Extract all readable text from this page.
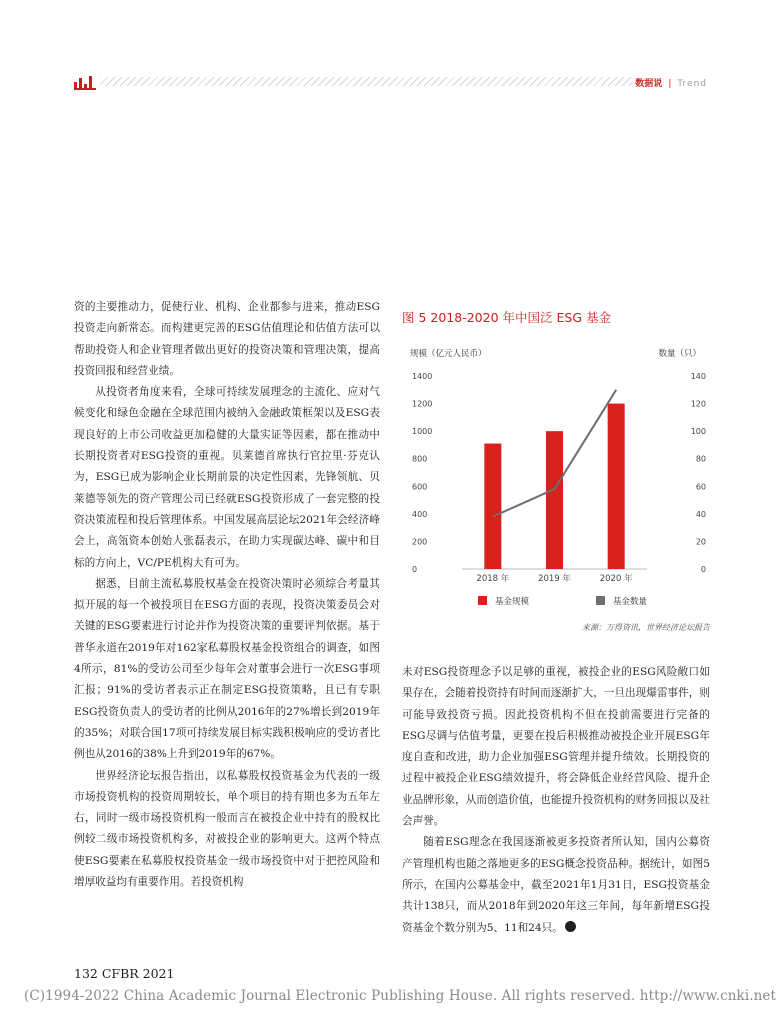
数据说 | Trend

资的主要推动力，促使行业、机构、企业都参与进来，推动ESG投资走向新常态。而构建更完善的ESG估值理论和估值方法可以帮助投资人和企业管理者做出更好的投资决策和管理决策，提高投资回报和经营业绩。

从投资者角度来看，全球可持续发展理念的主流化、应对气候变化和绿色金融在全球范围内被纳入金融政策框架以及ESG表现良好的上市公司收益更加稳健的大量实证等因素，都在推动中长期投资者对ESG投资的重视。贝莱德首席执行官拉里·芬克认为，ESG已成为影响企业长期前景的决定性因素，先锋领航、贝莱德等领先的资产管理公司已经就ESG投资形成了一套完整的投资决策流程和投后管理体系。中国发展高层论坛2021年会经济峰会上，高瓴资本创始人张磊表示，在助力实现碳达峰、碳中和目标的方向上，VC/PE机构大有可为。

据悉，目前主流私募股权基金在投资决策时必须综合考量其拟开展的每一个被投项目在ESG方面的表现，投资决策委员会对关键的ESG要素进行讨论并作为投资决策的重要评判依据。基于普华永道在2019年对162家私募股权基金投资组合的调查，如图4所示，81%的受访公司至少每年会对董事会进行一次ESG事项汇报；91%的受访者表示正在制定ESG投资策略，且已有专职ESG投资负责人的受访者的比例从2016年的27%增长到2019年的35%；对联合国17项可持续发展目标实践积极响应的受访者比例也从2016的38%上升到2019年的67%。

世界经济论坛报告指出，以私募股权投资基金为代表的一级市场投资机构的投资周期较长，单个项目的持有期也多为五年左右，同时一级市场投资机构一般而言在被投企业中持有的股权比例较二级市场投资机构多，对被投企业的影响更大。这两个特点使ESG要素在私募股权投资基金一级市场投资中对于把控风险和增厚收益均有重要作用。若投资机构

图 5 2018-2020 年中国泛 ESG 基金
规模（亿元人民币）	数量（只）
0
200
400
600
800
1000
1200
1400
0
20
40
60
80
100
120
140
2018 年	2019 年	2020 年
基金规模	基金数量
来源：万得资讯，世界经济论坛报告

未对ESG投资理念予以足够的重视，被投企业的ESG风险敞口如果存在，会随着投资持有时间而逐渐扩大，一旦出现爆雷事件，则可能导致投资亏损。因此投资机构不但在投前需要进行完备的ESG尽调与估值考量，更要在投后积极推动被投企业开展ESG年度自查和改进，助力企业加强ESG管理并提升绩效。长期投资的过程中被投企业ESG绩效提升，将会降低企业经营风险、提升企业品牌形象，从而创造价值，也能提升投资机构的财务回报以及社会声誉。

随着ESG理念在我国逐渐被更多投资者所认知，国内公募资产管理机构也随之落地更多的ESG概念投资品种。据统计，如图5所示，在国内公募基金中，截至2021年1月31日，ESG投资基金共计138只，而从2018年到2020年这三年间，每年新增ESG投资基金个数分别为5、11和24只。

132 CFBR 2021
(C)1994-2022 China Academic Journal Electronic Publishing House. All rights reserved. http://www.cnki.net
